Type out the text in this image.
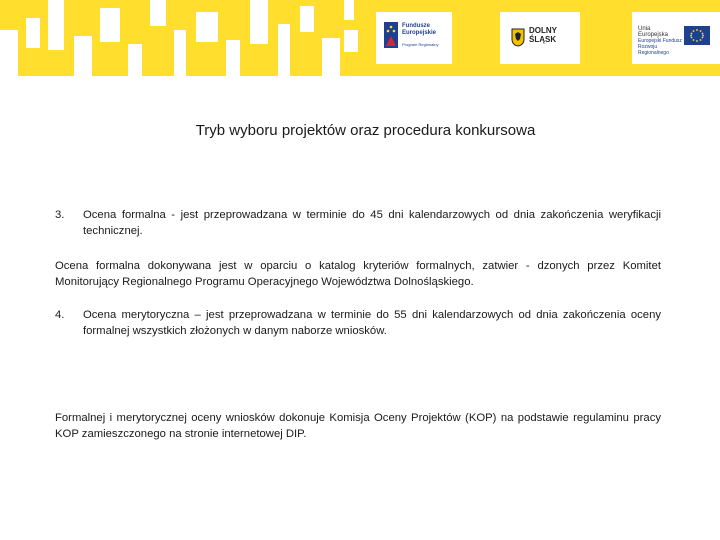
Fundusze
Europejskie
Program Regionalny
DOLNY
ŚLĄSK
Unia Europejska
Europejski Fundusz
Rozwoju Regionalnego
Tryb wyboru projektów oraz procedura konkursowa
3.	Ocena formalna - jest przeprowadzana w terminie do 45 dni kalendarzowych od dnia zakończenia weryfikacji technicznej.
Ocena formalna dokonywana jest w oparciu o katalog kryteriów formalnych, zatwier - dzonych przez Komitet Monitorujący Regionalnego Programu Operacyjnego Województwa Dolnośląskiego.
4.	Ocena merytoryczna – jest przeprowadzana w terminie do 55 dni kalendarzowych od dnia zakończenia oceny formalnej wszystkich złożonych w danym naborze wniosków.
Formalnej i merytorycznej oceny wniosków dokonuje Komisja Oceny Projektów (KOP) na podstawie regulaminu pracy KOP zamieszczonego na stronie internetowej DIP.
